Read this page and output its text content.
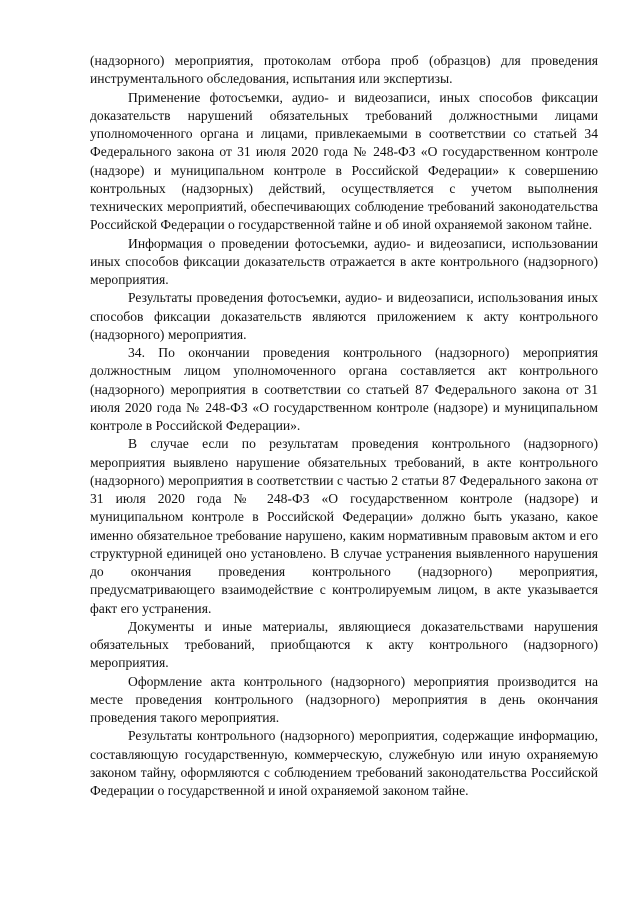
(надзорного) мероприятия, протоколам отбора проб (образцов) для проведения инструментального обследования, испытания или экспертизы.

Применение фотосъемки, аудио- и видеозаписи, иных способов фиксации доказательств нарушений обязательных требований должностными лицами уполномоченного органа и лицами, привлекаемыми в соответствии со статьей 34 Федерального закона от 31 июля 2020 года № 248-ФЗ «О государственном контроле (надзоре) и муниципальном контроле в Российской Федерации» к совершению контрольных (надзорных) действий, осуществляется с учетом выполнения технических мероприятий, обеспечивающих соблюдение требований законодательства Российской Федерации о государственной тайне и об иной охраняемой законом тайне.

Информация о проведении фотосъемки, аудио- и видеозаписи, использовании иных способов фиксации доказательств отражается в акте контрольного (надзорного) мероприятия.

Результаты проведения фотосъемки, аудио- и видеозаписи, использования иных способов фиксации доказательств являются приложением к акту контрольного (надзорного) мероприятия.

34. По окончании проведения контрольного (надзорного) мероприятия должностным лицом уполномоченного органа составляется акт контрольного (надзорного) мероприятия в соответствии со статьей 87 Федерального закона от 31 июля 2020 года № 248-ФЗ «О государственном контроле (надзоре) и муниципальном контроле в Российской Федерации».

В случае если по результатам проведения контрольного (надзорного) мероприятия выявлено нарушение обязательных требований, в акте контрольного (надзорного) мероприятия в соответствии с частью 2 статьи 87 Федерального закона от 31 июля 2020 года № 248-ФЗ «О государственном контроле (надзоре) и муниципальном контроле в Российской Федерации» должно быть указано, какое именно обязательное требование нарушено, каким нормативным правовым актом и его структурной единицей оно установлено. В случае устранения выявленного нарушения до окончания проведения контрольного (надзорного) мероприятия, предусматривающего взаимодействие с контролируемым лицом, в акте указывается факт его устранения.

Документы и иные материалы, являющиеся доказательствами нарушения обязательных требований, приобщаются к акту контрольного (надзорного) мероприятия.

Оформление акта контрольного (надзорного) мероприятия производится на месте проведения контрольного (надзорного) мероприятия в день окончания проведения такого мероприятия.

Результаты контрольного (надзорного) мероприятия, содержащие информацию, составляющую государственную, коммерческую, служебную или иную охраняемую законом тайну, оформляются с соблюдением требований законодательства Российской Федерации о государственной и иной охраняемой законом тайне.
